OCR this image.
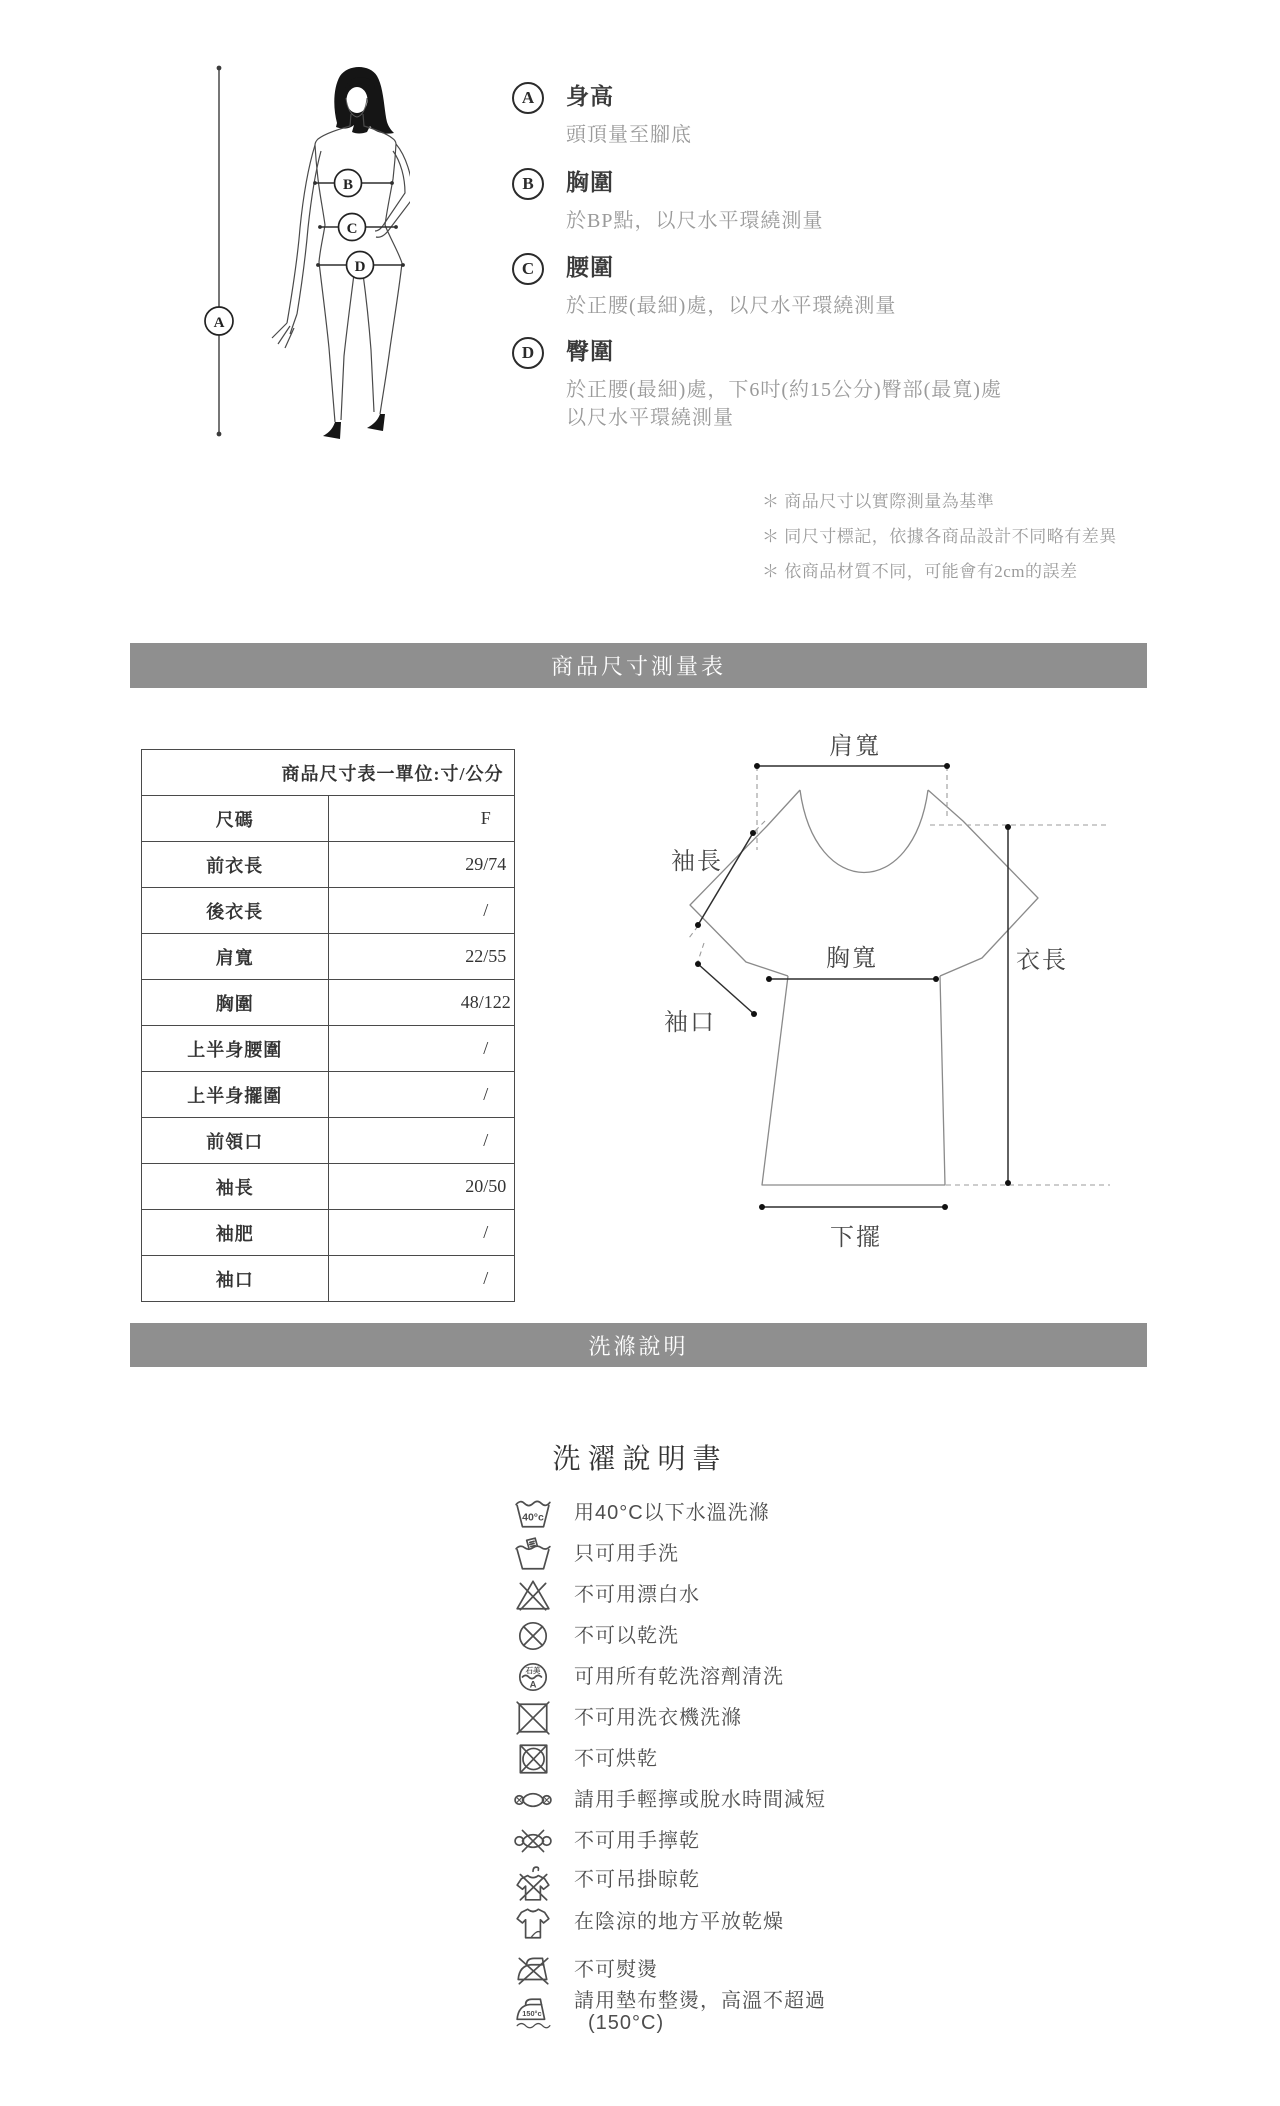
A
B
C
D
A	身高
頭頂量至腳底
B	胸圍
於BP點，以尺水平環繞測量
C	腰圍
於正腰(最細)處，以尺水平環繞測量
D	臀圍
於正腰(最細)處，下6吋(約15公分)臀部(最寬)處
以尺水平環繞測量
＊ 商品尺寸以實際測量為基準
＊ 同尺寸標記，依據各商品設計不同略有差異
＊ 依商品材質不同，可能會有2cm的誤差
商品尺寸測量表
商品尺寸表一單位:寸/公分	
尺碼	F
前衣長	29/74
後衣長	/
肩寬	22/55
胸圍	48/122
上半身腰圍	/
上半身擺圍	/
前領口	/
袖長	20/50
袖肥	/
袖口	/
肩寬
袖長
袖口
胸寬	衣長
下擺
洗滌說明
洗濯說明書
40°c 用40°C以下水溫洗滌
只可用手洗
不可用漂白水
不可以乾洗
石美
A 可用所有乾洗溶劑清洗
不可用洗衣機洗滌
不可烘乾
請用手輕擰或脫水時間減短
不可用手擰乾
不可吊掛晾乾
在陰涼的地方平放乾燥
不可熨燙
150°c
請用墊布整燙，高溫不超過
(150°C)
